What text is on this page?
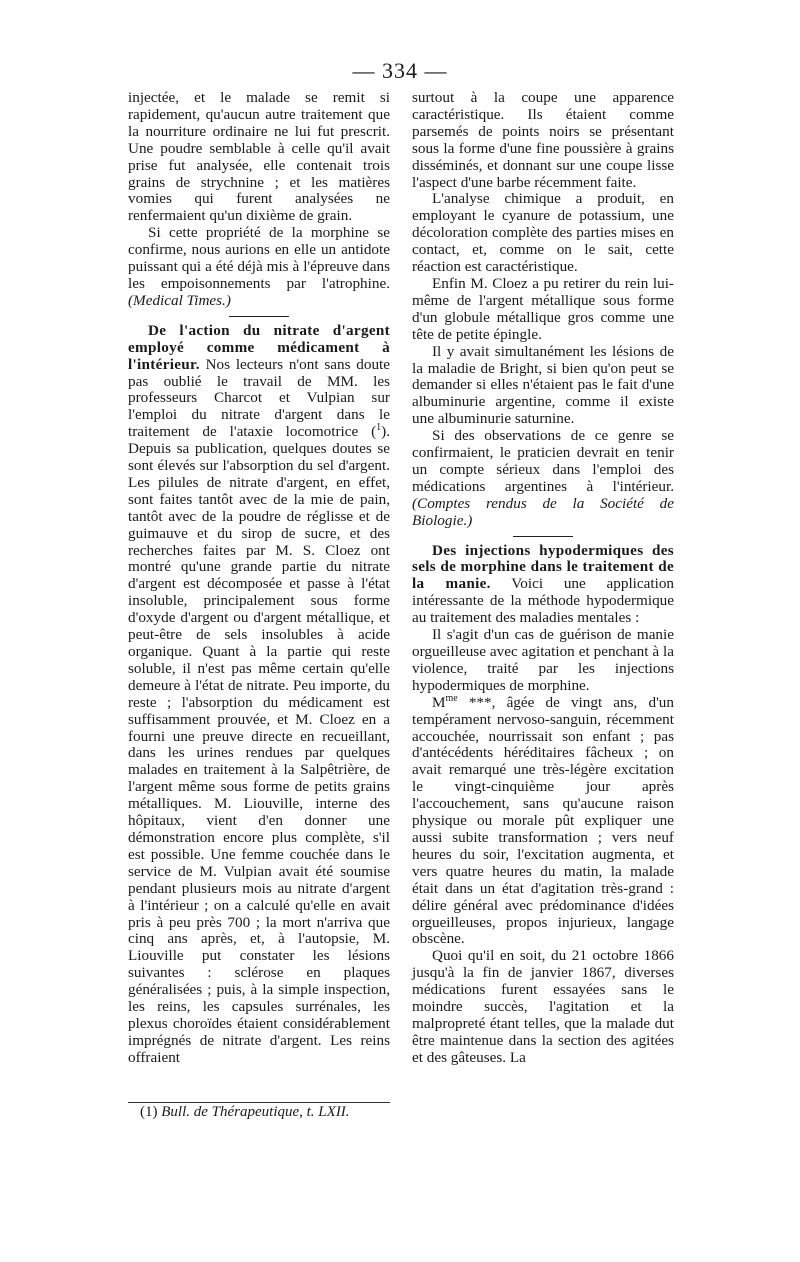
— 334 —

injectée, et le malade se remit si rapidement, qu'aucun autre traitement que la nourriture ordinaire ne lui fut prescrit. Une poudre semblable à celle qu'il avait prise fut analysée, elle contenait trois grains de strychnine ; et les matières vomies qui furent analysées ne renfermaient qu'un dixième de grain.

Si cette propriété de la morphine se confirme, nous aurions en elle un antidote puissant qui a été déjà mis à l'épreuve dans les empoisonnements par l'atrophine. (Medical Times.)

De l'action du nitrate d'argent employé comme médicament à l'intérieur. Nos lecteurs n'ont sans doute pas oublié le travail de MM. les professeurs Charcot et Vulpian sur l'emploi du nitrate d'argent dans le traitement de l'ataxie locomotrice ($^1$). Depuis sa publication, quelques doutes se sont élevés sur l'absorption du sel d'argent. Les pilules de nitrate d'argent, en effet, sont faites tantôt avec de la mie de pain, tantôt avec de la poudre de réglisse et de guimauve et du sirop de sucre, et des recherches faites par M. S. Cloez ont montré qu'une grande partie du nitrate d'argent est décomposée et passe à l'état insoluble, principalement sous forme d'oxyde d'argent ou d'argent métallique, et peut-être de sels insolubles à acide organique. Quant à la partie qui reste soluble, il n'est pas même certain qu'elle demeure à l'état de nitrate. Peu importe, du reste ; l'absorption du médicament est suffisamment prouvée, et M. Cloez en a fourni une preuve directe en recueillant, dans les urines rendues par quelques malades en traitement à la Salpêtrière, de l'argent même sous forme de petits grains métalliques. M. Liouville, interne des hôpitaux, vient d'en donner une démonstration encore plus complète, s'il est possible. Une femme couchée dans le service de M. Vulpian avait été soumise pendant plusieurs mois au nitrate d'argent à l'intérieur ; on a calculé qu'elle en avait pris à peu près 700 ; la mort n'arriva que cinq ans après, et, à l'autopsie, M. Liouville put constater les lésions suivantes : sclérose en plaques généralisées ; puis, à la simple inspection, les reins, les capsules surrénales, les plexus choroïdes étaient considérablement imprégnés de nitrate d'argent. Les reins offraient

surtout à la coupe une apparence caractéristique. Ils étaient comme parsemés de points noirs se présentant sous la forme d'une fine poussière à grains disséminés, et donnant sur une coupe lisse l'aspect d'une barbe récemment faite.

L'analyse chimique a produit, en employant le cyanure de potassium, une décoloration complète des parties mises en contact, et, comme on le sait, cette réaction est caractéristique.

Enfin M. Cloez a pu retirer du rein lui-même de l'argent métallique sous forme d'un globule métallique gros comme une tête de petite épingle.

Il y avait simultanément les lésions de la maladie de Bright, si bien qu'on peut se demander si elles n'étaient pas le fait d'une albuminurie argentine, comme il existe une albuminurie saturnine.

Si des observations de ce genre se confirmaient, le praticien devrait en tenir un compte sérieux dans l'emploi des médications argentines à l'intérieur. (Comptes rendus de la Société de Biologie.)

Des injections hypodermiques des sels de morphine dans le traitement de la manie. Voici une application intéressante de la méthode hypodermique au traitement des maladies mentales :

Il s'agit d'un cas de guérison de manie orgueilleuse avec agitation et penchant à la violence, traité par les injections hypodermiques de morphine.

$M^{me}$ ***, âgée de vingt ans, d'un tempérament nervoso-sanguin, récemment accouchée, nourrissait son enfant ; pas d'antécédents héréditaires fâcheux ; on avait remarqué une très-légère excitation le vingt-cinquième jour après l'accouchement, sans qu'aucune raison physique ou morale pût expliquer une aussi subite transformation ; vers neuf heures du soir, l'excitation augmenta, et vers quatre heures du matin, la malade était dans un état d'agitation très-grand : délire général avec prédominance d'idées orgueilleuses, propos injurieux, langage obscène.

Quoi qu'il en soit, du 21 octobre 1866 jusqu'à la fin de janvier 1867, diverses médications furent essayées sans le moindre succès, l'agitation et la malpropreté étant telles, que la malade dut être maintenue dans la section des agitées et des gâteuses. La

(1) Bull. de Thérapeutique, t. LXII.
